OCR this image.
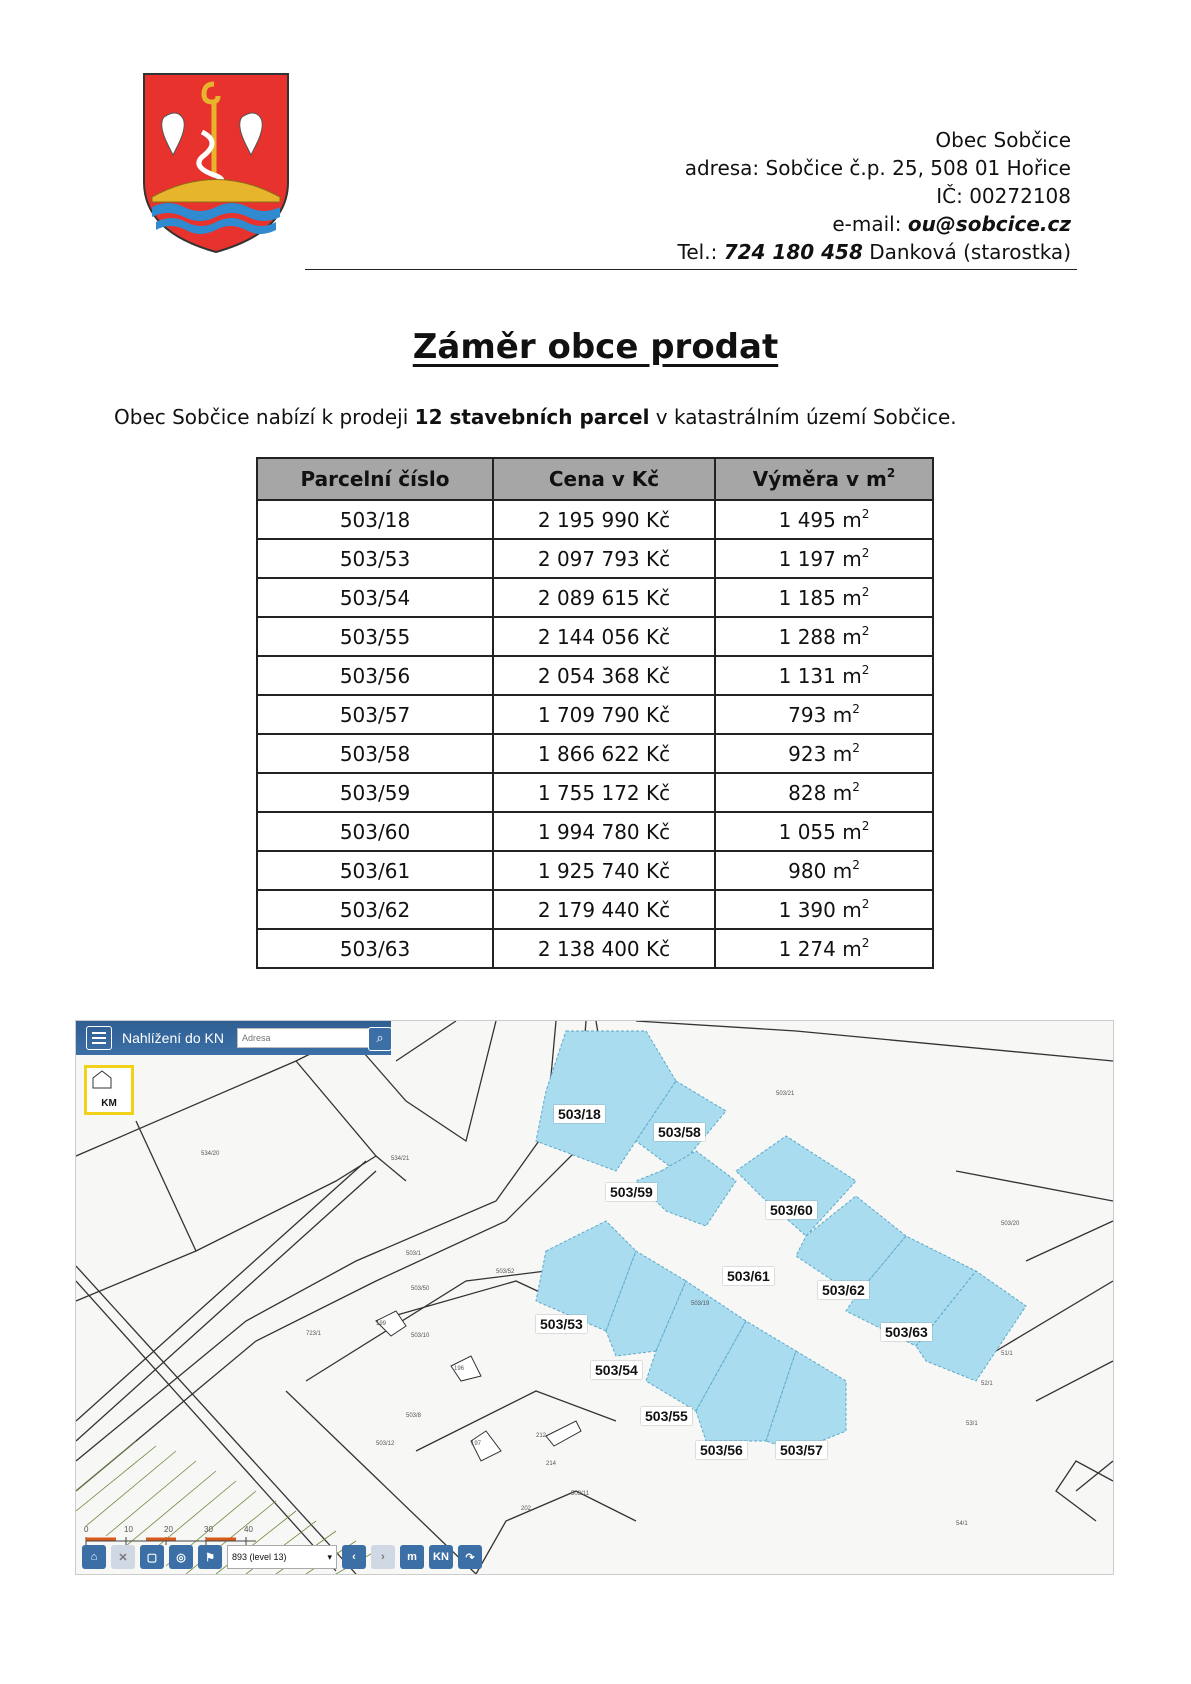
Obec Sobčice
adresa: Sobčice č.p. 25, 508 01 Hořice
IČ: 00272108
e-mail: ou@sobcice.cz
Tel.: 724 180 458 Danková (starostka)
Záměr obce prodat
Obec Sobčice nabízí k prodeji 12 stavebních parcel v katastrálním území Sobčice.
Parcelní číslo	Cena v Kč	Výměra v $m^2$
503/18	2 195 990 Kč	1 495 $m^2$
503/53	2 097 793 Kč	1 197 $m^2$
503/54	2 089 615 Kč	1 185 $m^2$
503/55	2 144 056 Kč	1 288 $m^2$
503/56	2 054 368 Kč	1 131 $m^2$
503/57	1 709 790 Kč	793 $m^2$
503/58	1 866 622 Kč	923 $m^2$
503/59	1 755 172 Kč	828 $m^2$
503/60	1 994 780 Kč	1 055 $m^2$
503/61	1 925 740 Kč	980 $m^2$
503/62	2 179 440 Kč	1 390 $m^2$
503/63	2 138 400 Kč	1 274 $m^2$
Nahlížení do KN
Adresa	⌕
KM
503/18
503/58
503/59
503/60
503/61
503/62
503/63
503/53
503/54
503/55
503/56	503/57
503/21
534/20
534/21
503/20
503/1
503/50
503/52
503/19
503/10
503/8
503/12
723/1
51/1
52/1
53/1
54/1
503/11
199
196
197
212
202
214
⌂	✕	▢	◎	⚑	893 (level 13)	▾	‹	›	m	KN	↷
0	10	20	30	40
